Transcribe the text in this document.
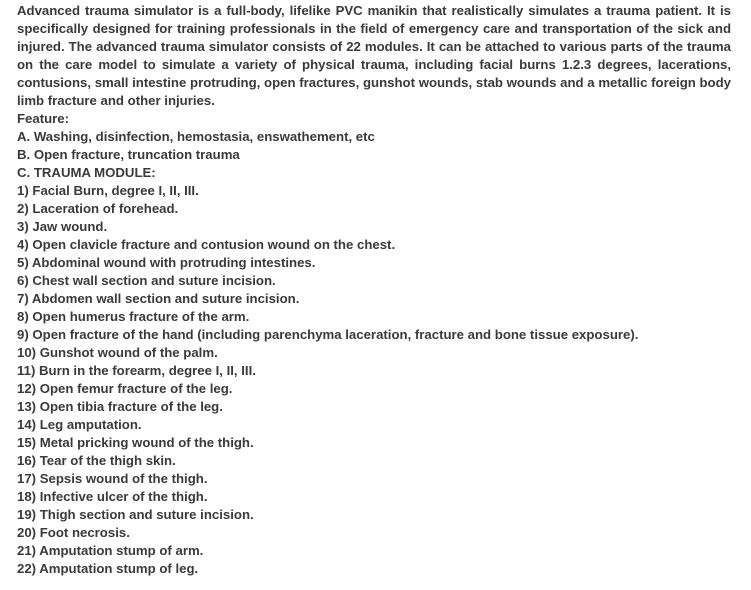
Advanced trauma simulator is a full-body, lifelike PVC manikin that realistically simulates a trauma patient. It is specifically designed for training professionals in the field of emergency care and transportation of the sick and injured. The advanced trauma simulator consists of 22 modules. It can be attached to various parts of the trauma on the care model to simulate a variety of physical trauma, including facial burns 1.2.3 degrees, lacerations, contusions, small intestine protruding, open fractures, gunshot wounds, stab wounds and a metallic foreign body limb fracture and other injuries.

Feature:

A. Washing, disinfection, hemostasia, enswathement, etc

B. Open fracture, truncation trauma

C. TRAUMA MODULE:

1) Facial Burn, degree I, II, III.

2) Laceration of forehead.

3) Jaw wound.

4) Open clavicle fracture and contusion wound on the chest.

5) Abdominal wound with protruding intestines.

6) Chest wall section and suture incision.

7) Abdomen wall section and suture incision.

8) Open humerus fracture of the arm.

9) Open fracture of the hand (including parenchyma laceration, fracture and bone tissue exposure).

10) Gunshot wound of the palm.

11) Burn in the forearm, degree I, II, III.

12) Open femur fracture of the leg.

13) Open tibia fracture of the leg.

14) Leg amputation.

15) Metal pricking wound of the thigh.

16) Tear of the thigh skin.

17) Sepsis wound of the thigh.

18) Infective ulcer of the thigh.

19) Thigh section and suture incision.

20) Foot necrosis.

21) Amputation stump of arm.

22) Amputation stump of leg.
